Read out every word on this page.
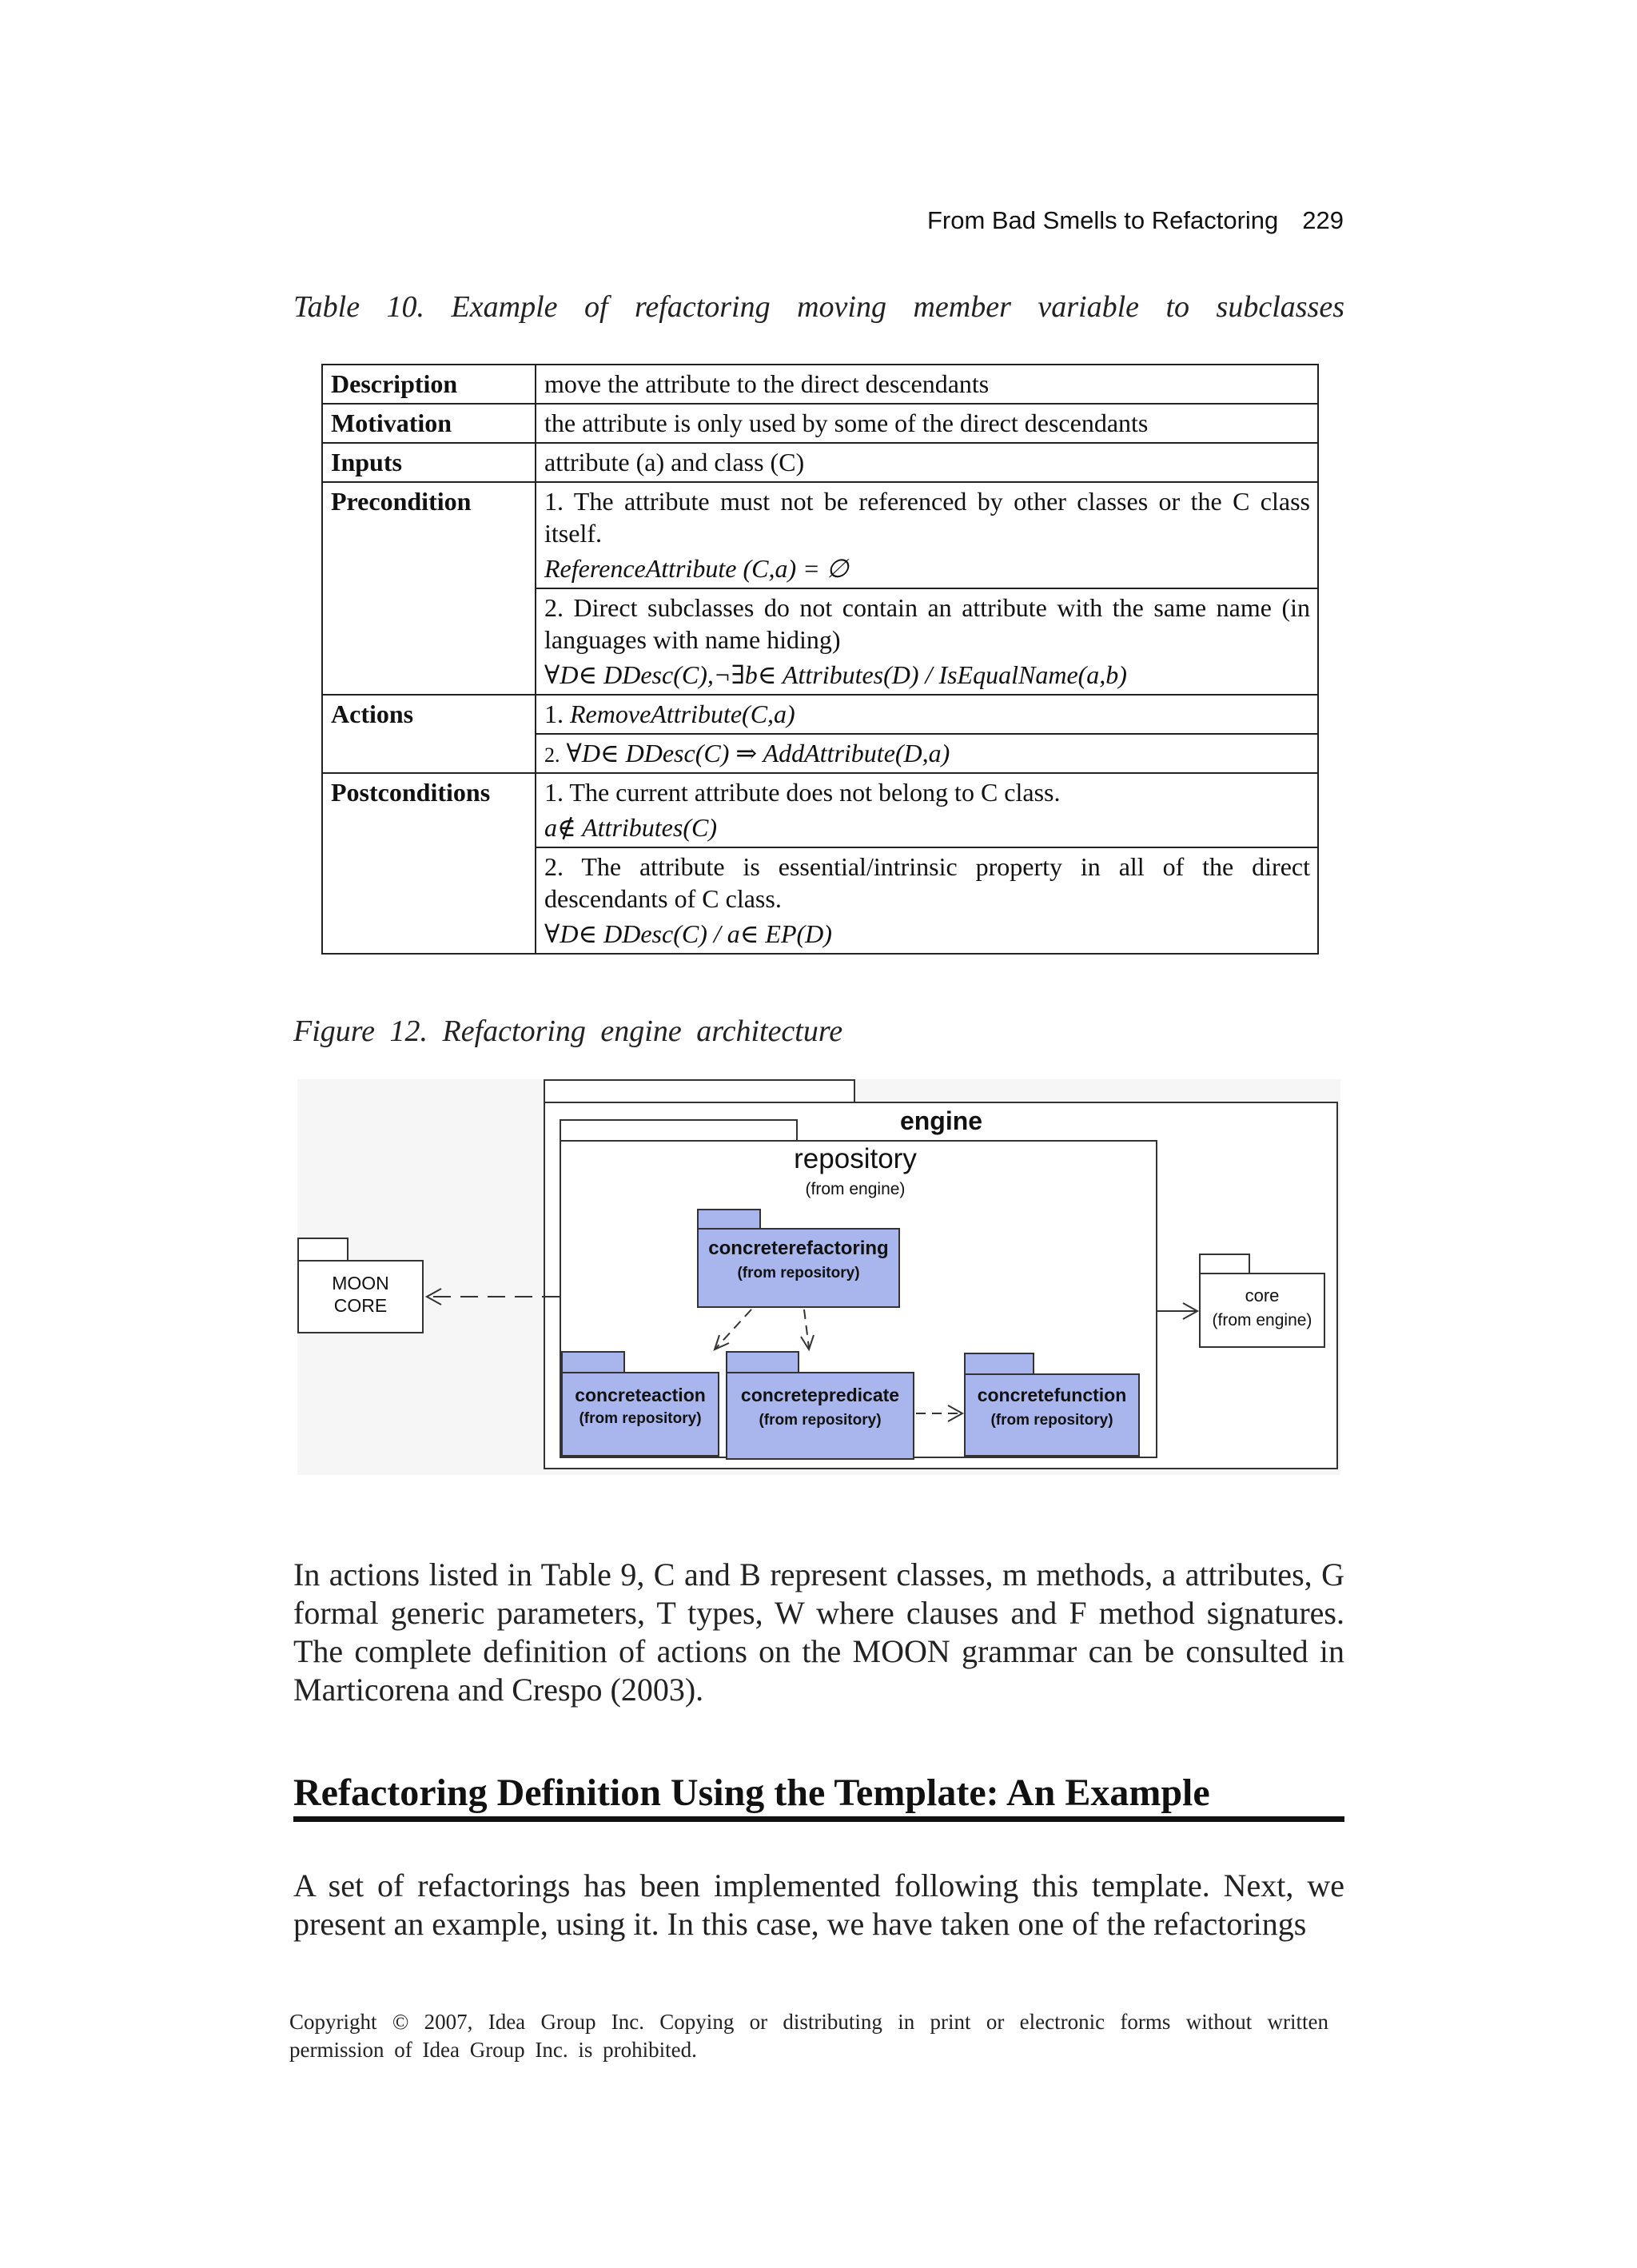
From Bad Smells to Refactoring 229
Table 10. Example of refactoring moving member variable to subclasses
Description	move the attribute to the direct descendants
Motivation	the attribute is only used by some of the direct descendants
Inputs	attribute (a) and class (C)
Precondition	1. The attribute must not be referenced by other classes or the C class itself.
ReferenceAttribute (C,a) = ∅

	2. Direct subclasses do not contain an attribute with the same name (in languages with name hiding)
∀D∈ DDesc(C),¬∃b∈ Attributes(D) / IsEqualName(a,b)

Actions	1. RemoveAttribute(C,a)
	2. ∀D∈ DDesc(C) ⇒ AddAttribute(D,a)
Postconditions	1. The current attribute does not belong to C class.
a∉ Attributes(C)

	2. The attribute is essential/intrinsic property in all of the direct descendants of C class.
∀D∈ DDesc(C) / a∈ EP(D)
Figure 12. Refactoring engine architecture
engine
repository
(from engine)
MOON
CORE	core
(from engine)
concreterefactoring
(from repository)
concreteaction
(from repository)
concretepredicate
(from repository)
concretefunction
(from repository)
In actions listed in Table 9, C and B represent classes, m methods, a attributes, G formal generic parameters, T types, W where clauses and F method signatures. The complete definition of actions on the MOON grammar can be consulted in Marticorena and Crespo (2003).
Refactoring Definition Using the Template: An Example
A set of refactorings has been implemented following this template. Next, we present an example, using it. In this case, we have taken one of the refactorings
Copyright © 2007, Idea Group Inc. Copying or distributing in print or electronic forms without written permission of Idea Group Inc. is prohibited.
